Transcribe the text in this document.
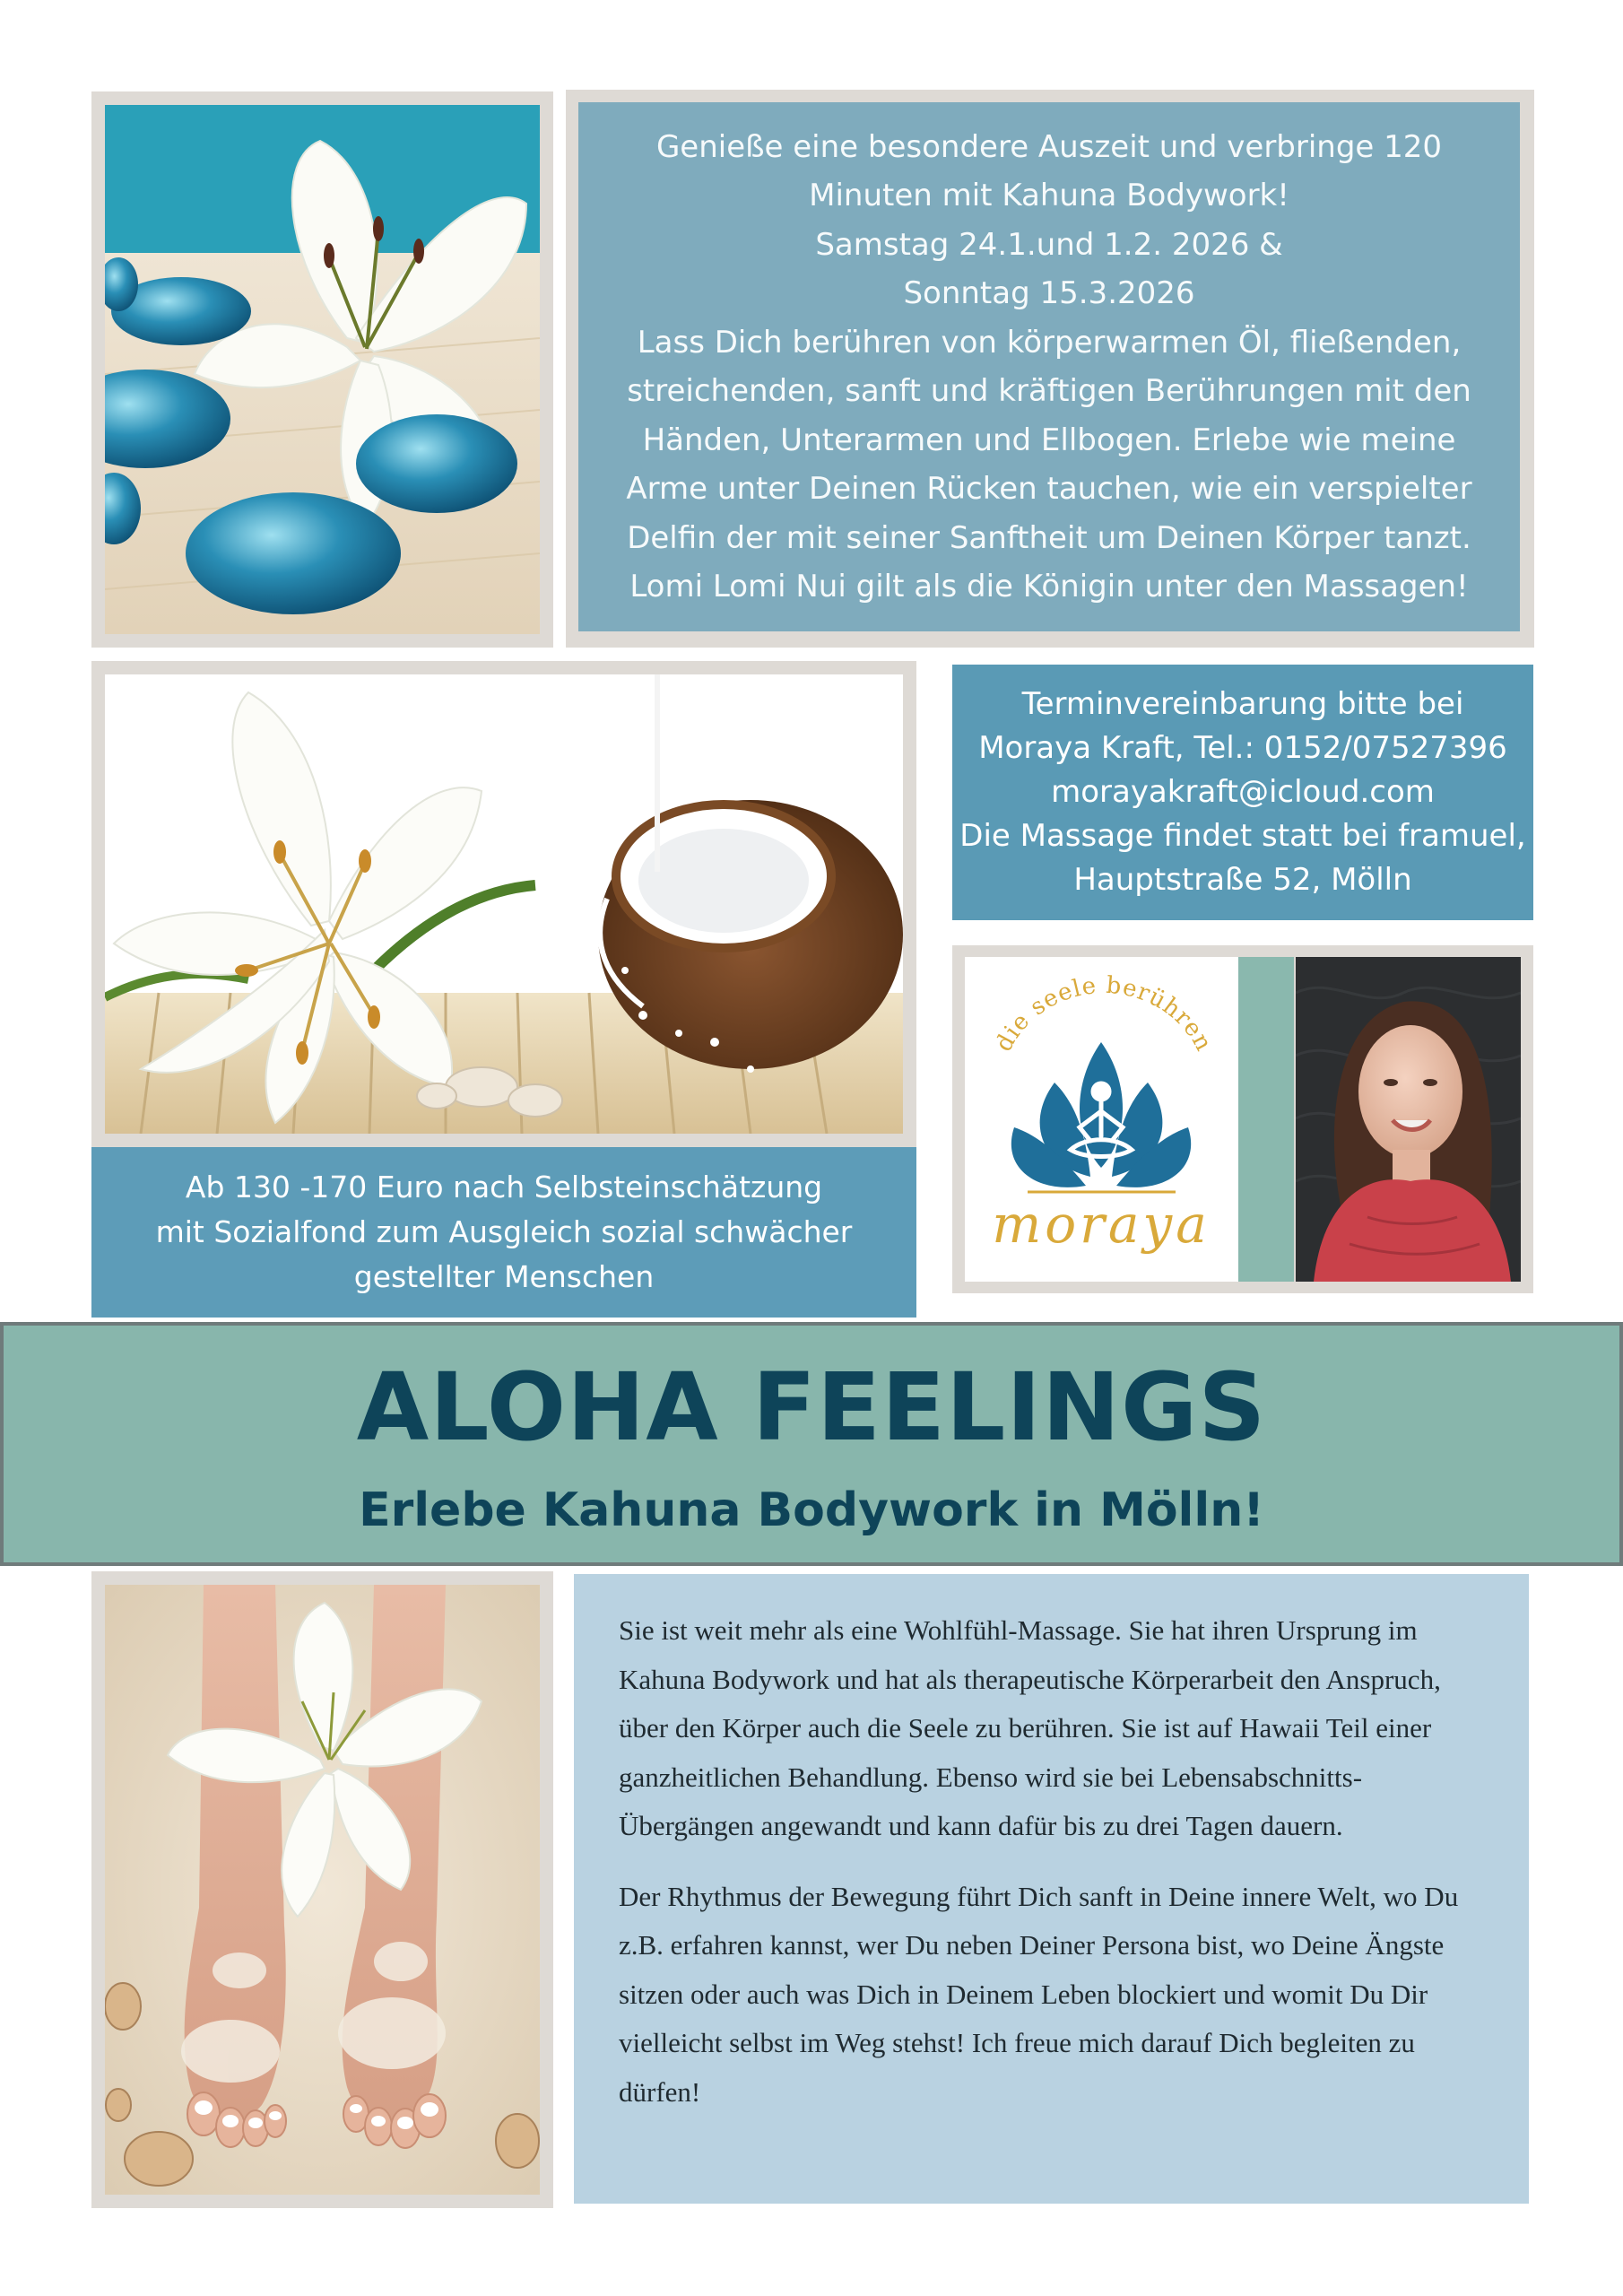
Genieße eine besondere Auszeit und verbringe 120

Minuten mit Kahuna Bodywork!

Samstag 24.1.und 1.2. 2026 &

Sonntag 15.3.2026

Lass Dich berühren von körperwarmen Öl, fließenden,

streichenden, sanft und kräftigen Berührungen mit den

Händen, Unterarmen und Ellbogen. Erlebe wie meine

Arme unter Deinen Rücken tauchen, wie ein verspielter

Delfin der mit seiner Sanftheit um Deinen Körper tanzt.

Lomi Lomi Nui gilt als die Königin unter den Massagen!

Terminvereinbarung bitte bei

Moraya Kraft, Tel.: 0152/07527396

morayakraft@icloud.com

Die Massage findet statt bei framuel,

Hauptstraße 52, Mölln

die seele berühren
moraya

Ab 130 -170 Euro nach Selbsteinschätzung

mit Sozialfond zum Ausgleich sozial schwächer

gestellter Menschen

ALOHA FEELINGS
Erlebe Kahuna Bodywork in Mölln!

Sie ist weit mehr als eine Wohlfühl-Massage. Sie hat ihren Ursprung im Kahuna Bodywork und hat als therapeutische Körperarbeit den Anspruch, über den Körper auch die Seele zu berühren. Sie ist auf Hawaii Teil einer ganzheitlichen Behandlung. Ebenso wird sie bei Lebensabschnitts-Übergängen angewandt und kann dafür bis zu drei Tagen dauern.

Der Rhythmus der Bewegung führt Dich sanft in Deine innere Welt, wo Du z.B. erfahren kannst, wer Du neben Deiner Persona bist, wo Deine Ängste sitzen oder auch was Dich in Deinem Leben blockiert und womit Du Dir vielleicht selbst im Weg stehst! Ich freue mich darauf Dich begleiten zu dürfen!
